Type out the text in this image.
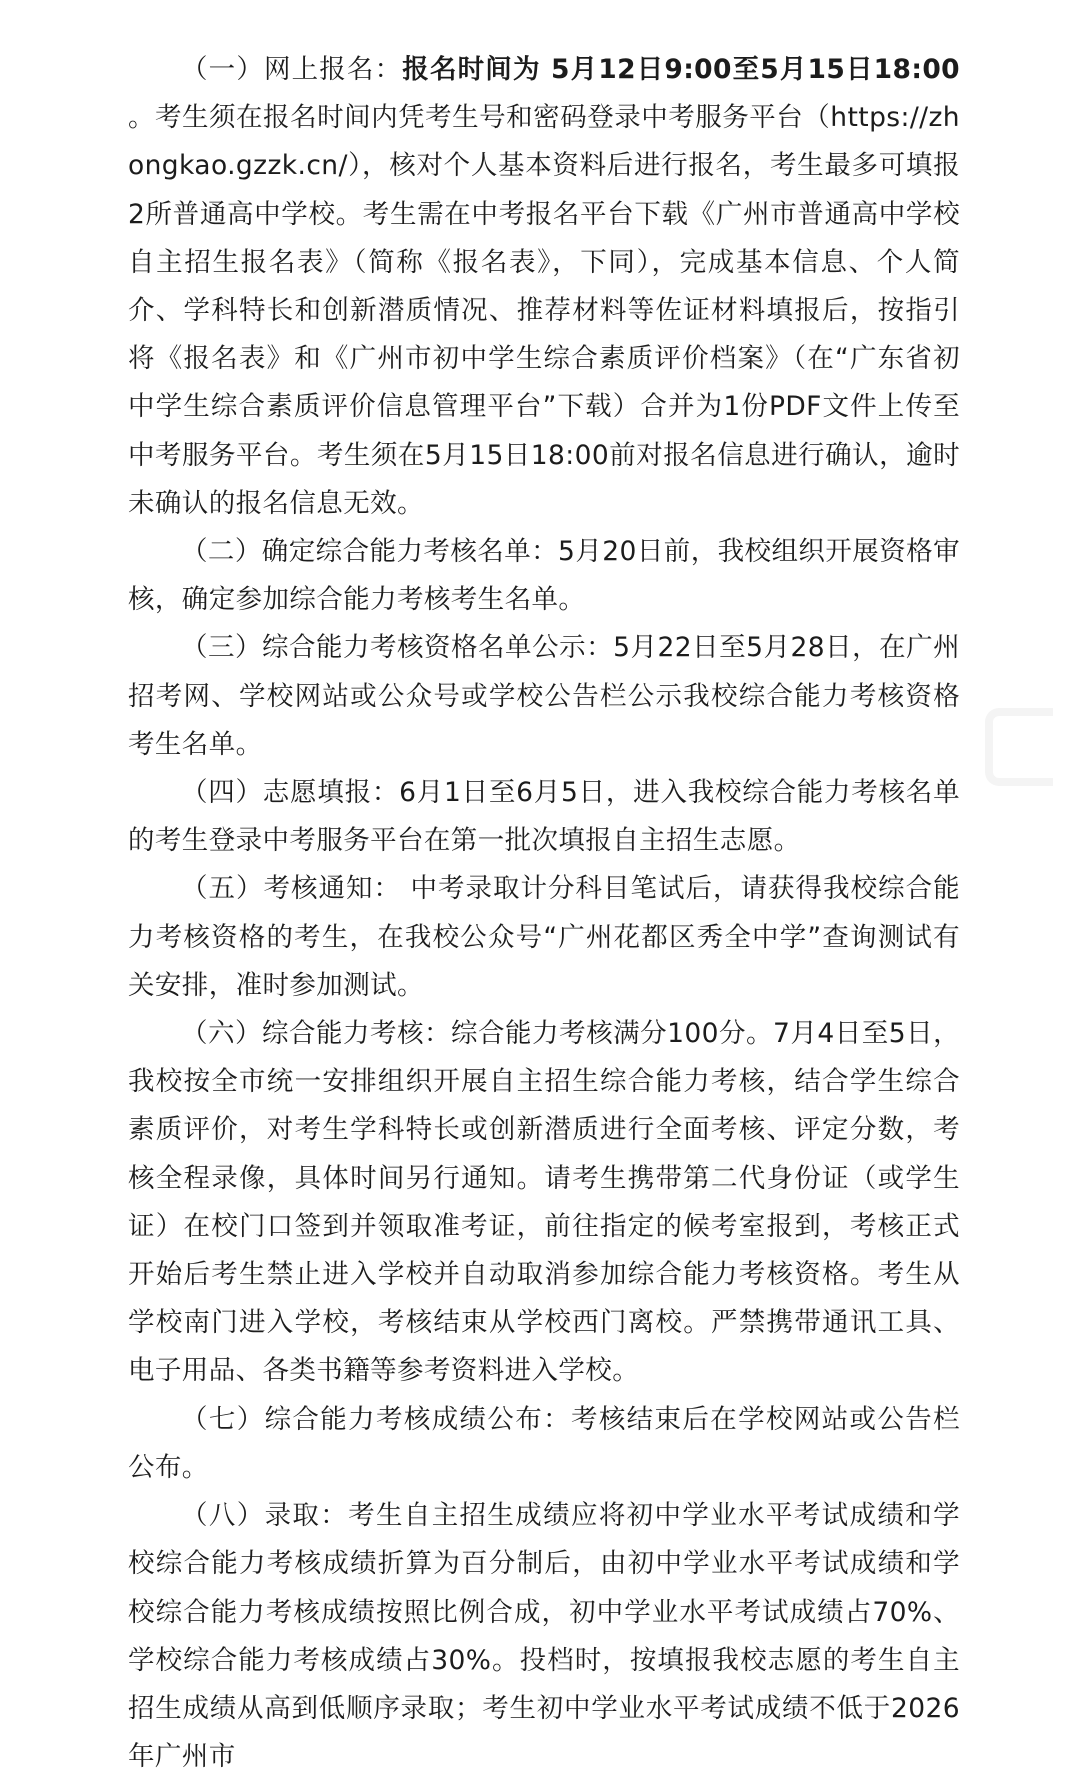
（一）网上报名：报名时间为 5月12日9:00至5月15日18:00 。考生须在报名时间内凭考生号和密码登录中考服务平台（https://zhongkao.gzzk.cn/），核对个人基本资料后进行报名，考生最多可填报2所普通高中学校。考生需在中考报名平台下载《广州市普通高中学校自主招生报名表》（简称《报名表》，下同），完成基本信息、个人简介、学科特长和创新潜质情况、推荐材料等佐证材料填报后，按指引将《报名表》和《广州市初中学生综合素质评价档案》（在“广东省初中学生综合素质评价信息管理平台”下载）合并为1份PDF文件上传至中考服务平台。考生须在5月15日18:00前对报名信息进行确认，逾时未确认的报名信息无效。

（二）确定综合能力考核名单：5月20日前，我校组织开展资格审核，确定参加综合能力考核考生名单。

（三）综合能力考核资格名单公示：5月22日至5月28日，在广州招考网、学校网站或公众号或学校公告栏公示我校综合能力考核资格考生名单。

（四）志愿填报：6月1日至6月5日，进入我校综合能力考核名单的考生登录中考服务平台在第一批次填报自主招生志愿。

（五）考核通知： 中考录取计分科目笔试后，请获得我校综合能力考核资格的考生，在我校公众号“广州花都区秀全中学”查询测试有关安排，准时参加测试。

（六）综合能力考核：综合能力考核满分100分。7月4日至5日，我校按全市统一安排组织开展自主招生综合能力考核，结合学生综合素质评价，对考生学科特长或创新潜质进行全面考核、评定分数，考核全程录像，具体时间另行通知。请考生携带第二代身份证（或学生证）在校门口签到并领取准考证，前往指定的候考室报到，考核正式开始后考生禁止进入学校并自动取消参加综合能力考核资格。考生从学校南门进入学校，考核结束从学校西门离校。严禁携带通讯工具、电子用品、各类书籍等参考资料进入学校。

（七）综合能力考核成绩公布：考核结束后在学校网站或公告栏公布。

（八）录取：考生自主招生成绩应将初中学业水平考试成绩和学校综合能力考核成绩折算为百分制后，由初中学业水平考试成绩和学校综合能力考核成绩按照比例合成，初中学业水平考试成绩占70%、学校综合能力考核成绩占30%。投档时，按填报我校志愿的考生自主招生成绩从高到低顺序录取；考生初中学业水平考试成绩不低于2026年广州市
